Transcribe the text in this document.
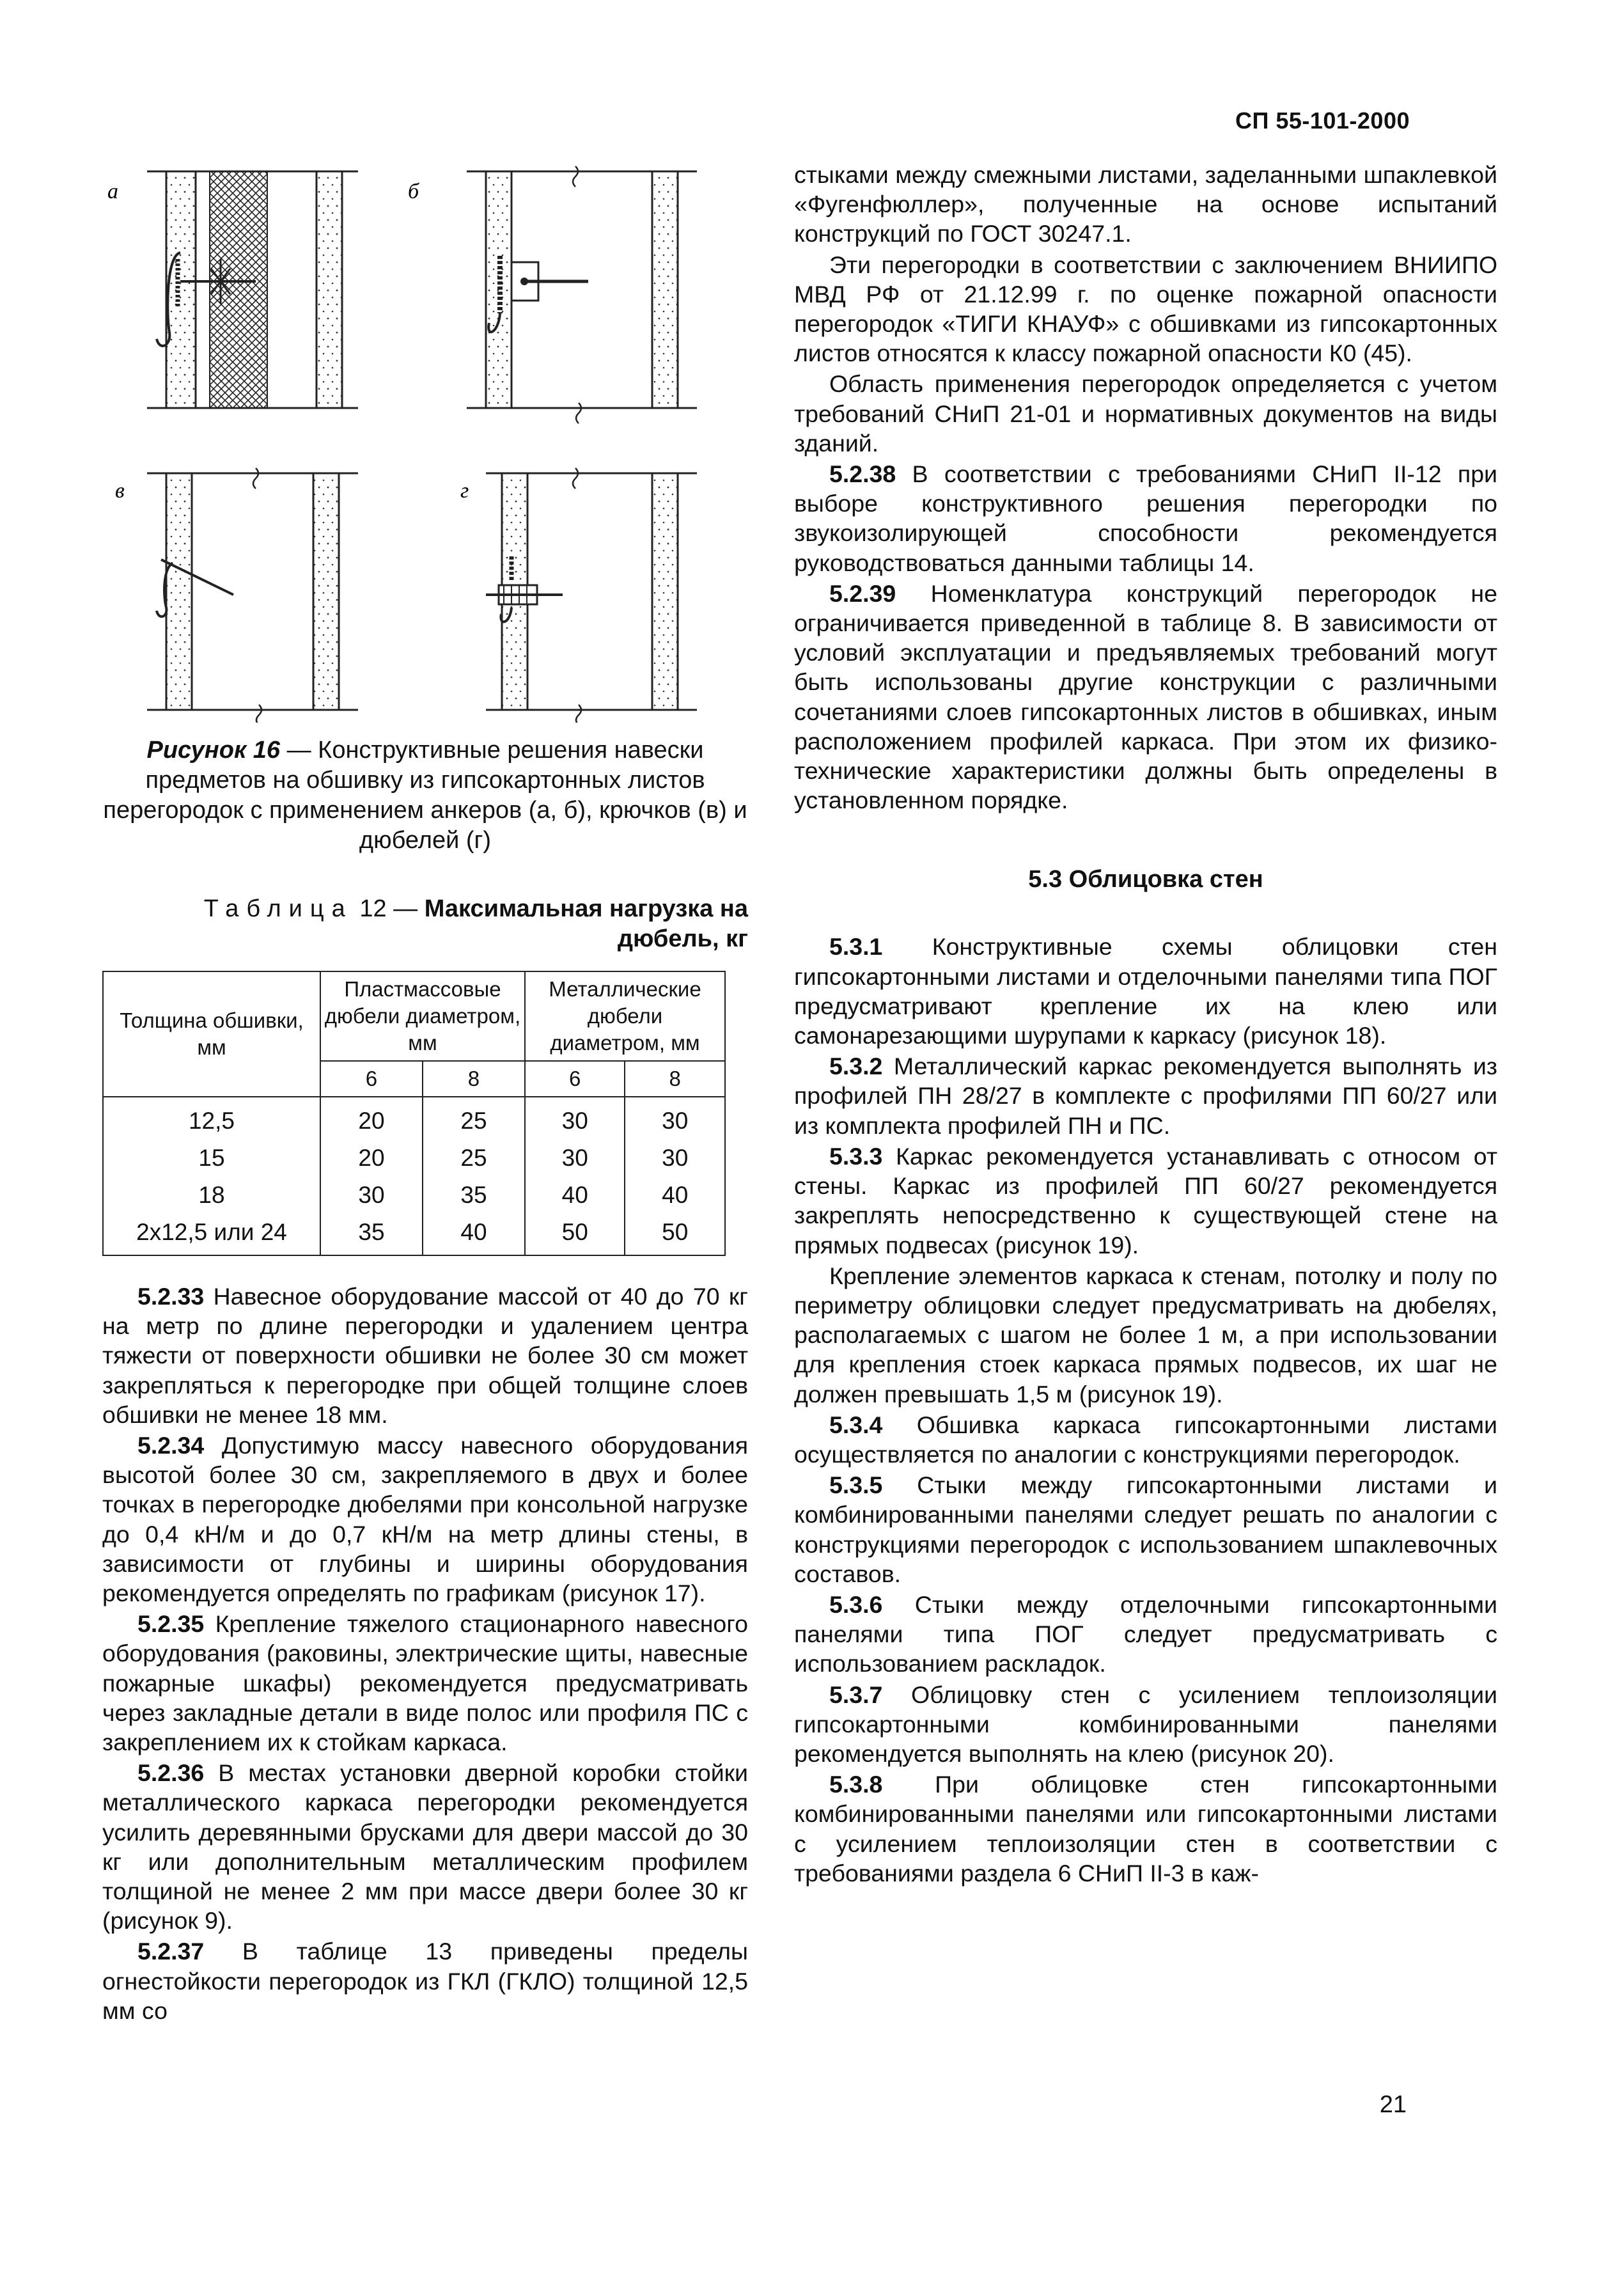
СП 55-101-2000
а	б
в	г
Рисунок 16 — Конструктивные решения навески предметов на обшивку из гипсокартонных листов перегородок с применением анкеров (а, б), крючков (в) и дюбелей (г)
Таблица 12 — Максимальная нагрузка на дюбель, кг
Толщина обшивки, мм	Пластмассовые дюбели диаметром, мм		Металлические дюбели диаметром, мм	
	6	8	6	8
12,5	20	25	30	30
15	20	25	30	30
18	30	35	40	40
2х12,5 или 24	35	40	50	50

5.2.33 Навесное оборудование массой от 40 до 70 кг на метр по длине перегородки и удалением центра тяжести от поверхности обшивки не более 30 см может закрепляться к перегородке при общей толщине слоев обшивки не менее 18 мм.

5.2.34 Допустимую массу навесного оборудования высотой более 30 см, закрепляемого в двух и более точках в перегородке дюбелями при консольной нагрузке до 0,4 кН/м и до 0,7 кН/м на метр длины стены, в зависимости от глубины и ширины оборудования рекомендуется определять по графикам (рисунок 17).

5.2.35 Крепление тяжелого стационарного навесного оборудования (раковины, электрические щиты, навесные пожарные шкафы) рекомендуется предусматривать через закладные детали в виде полос или профиля ПС с закреплением их к стойкам каркаса.

5.2.36 В местах установки дверной коробки стойки металлического каркаса перегородки рекомендуется усилить деревянными брусками для двери массой до 30 кг или дополнительным металлическим профилем толщиной не менее 2 мм при массе двери более 30 кг (рисунок 9).

5.2.37 В таблице 13 приведены пределы огнестойкости перегородок из ГКЛ (ГКЛО) толщиной 12,5 мм со

стыками между смежными листами, заделанными шпаклевкой «Фугенфюллер», полученные на основе испытаний конструкций по ГОСТ 30247.1.

Эти перегородки в соответствии с заключением ВНИИПО МВД РФ от 21.12.99 г. по оценке пожарной опасности перегородок «ТИГИ КНАУФ» с обшивками из гипсокартонных листов относятся к классу пожарной опасности К0 (45).

Область применения перегородок определяется с учетом требований СНиП 21-01 и нормативных документов на виды зданий.

5.2.38 В соответствии с требованиями СНиП II-12 при выборе конструктивного решения перегородки по звукоизолирующей способности рекомендуется руководствоваться данными таблицы 14.

5.2.39 Номенклатура конструкций перегородок не ограничивается приведенной в таблице 8. В зависимости от условий эксплуатации и предъявляемых требований могут быть использованы другие конструкции с различными сочетаниями слоев гипсокартонных листов в обшивках, иным расположением профилей каркаса. При этом их физико-технические характеристики должны быть определены в установленном порядке.

5.3 Облицовка стен

5.3.1 Конструктивные схемы облицовки стен гипсокартонными листами и отделочными панелями типа ПОГ предусматривают крепление их на клею или самонарезающими шурупами к каркасу (рисунок 18).

5.3.2 Металлический каркас рекомендуется выполнять из профилей ПН 28/27 в комплекте с профилями ПП 60/27 или из комплекта профилей ПН и ПС.

5.3.3 Каркас рекомендуется устанавливать с относом от стены. Каркас из профилей ПП 60/27 рекомендуется закреплять непосредственно к существующей стене на прямых подвесах (рисунок 19).

Крепление элементов каркаса к стенам, потолку и полу по периметру облицовки следует предусматривать на дюбелях, располагаемых с шагом не более 1 м, а при использовании для крепления стоек каркаса прямых подвесов, их шаг не должен превышать 1,5 м (рисунок 19).

5.3.4 Обшивка каркаса гипсокартонными листами осуществляется по аналогии с конструкциями перегородок.

5.3.5 Стыки между гипсокартонными листами и комбинированными панелями следует решать по аналогии с конструкциями перегородок с использованием шпаклевочных составов.

5.3.6 Стыки между отделочными гипсокартонными панелями типа ПОГ следует предусматривать с использованием раскладок.

5.3.7 Облицовку стен с усилением теплоизоляции гипсокартонными комбинированными панелями рекомендуется выполнять на клею (рисунок 20).

5.3.8 При облицовке стен гипсокартонными комбинированными панелями или гипсокартонными листами с усилением теплоизоляции стен в соответствии с требованиями раздела 6 СНиП II-3 в каж-

21
